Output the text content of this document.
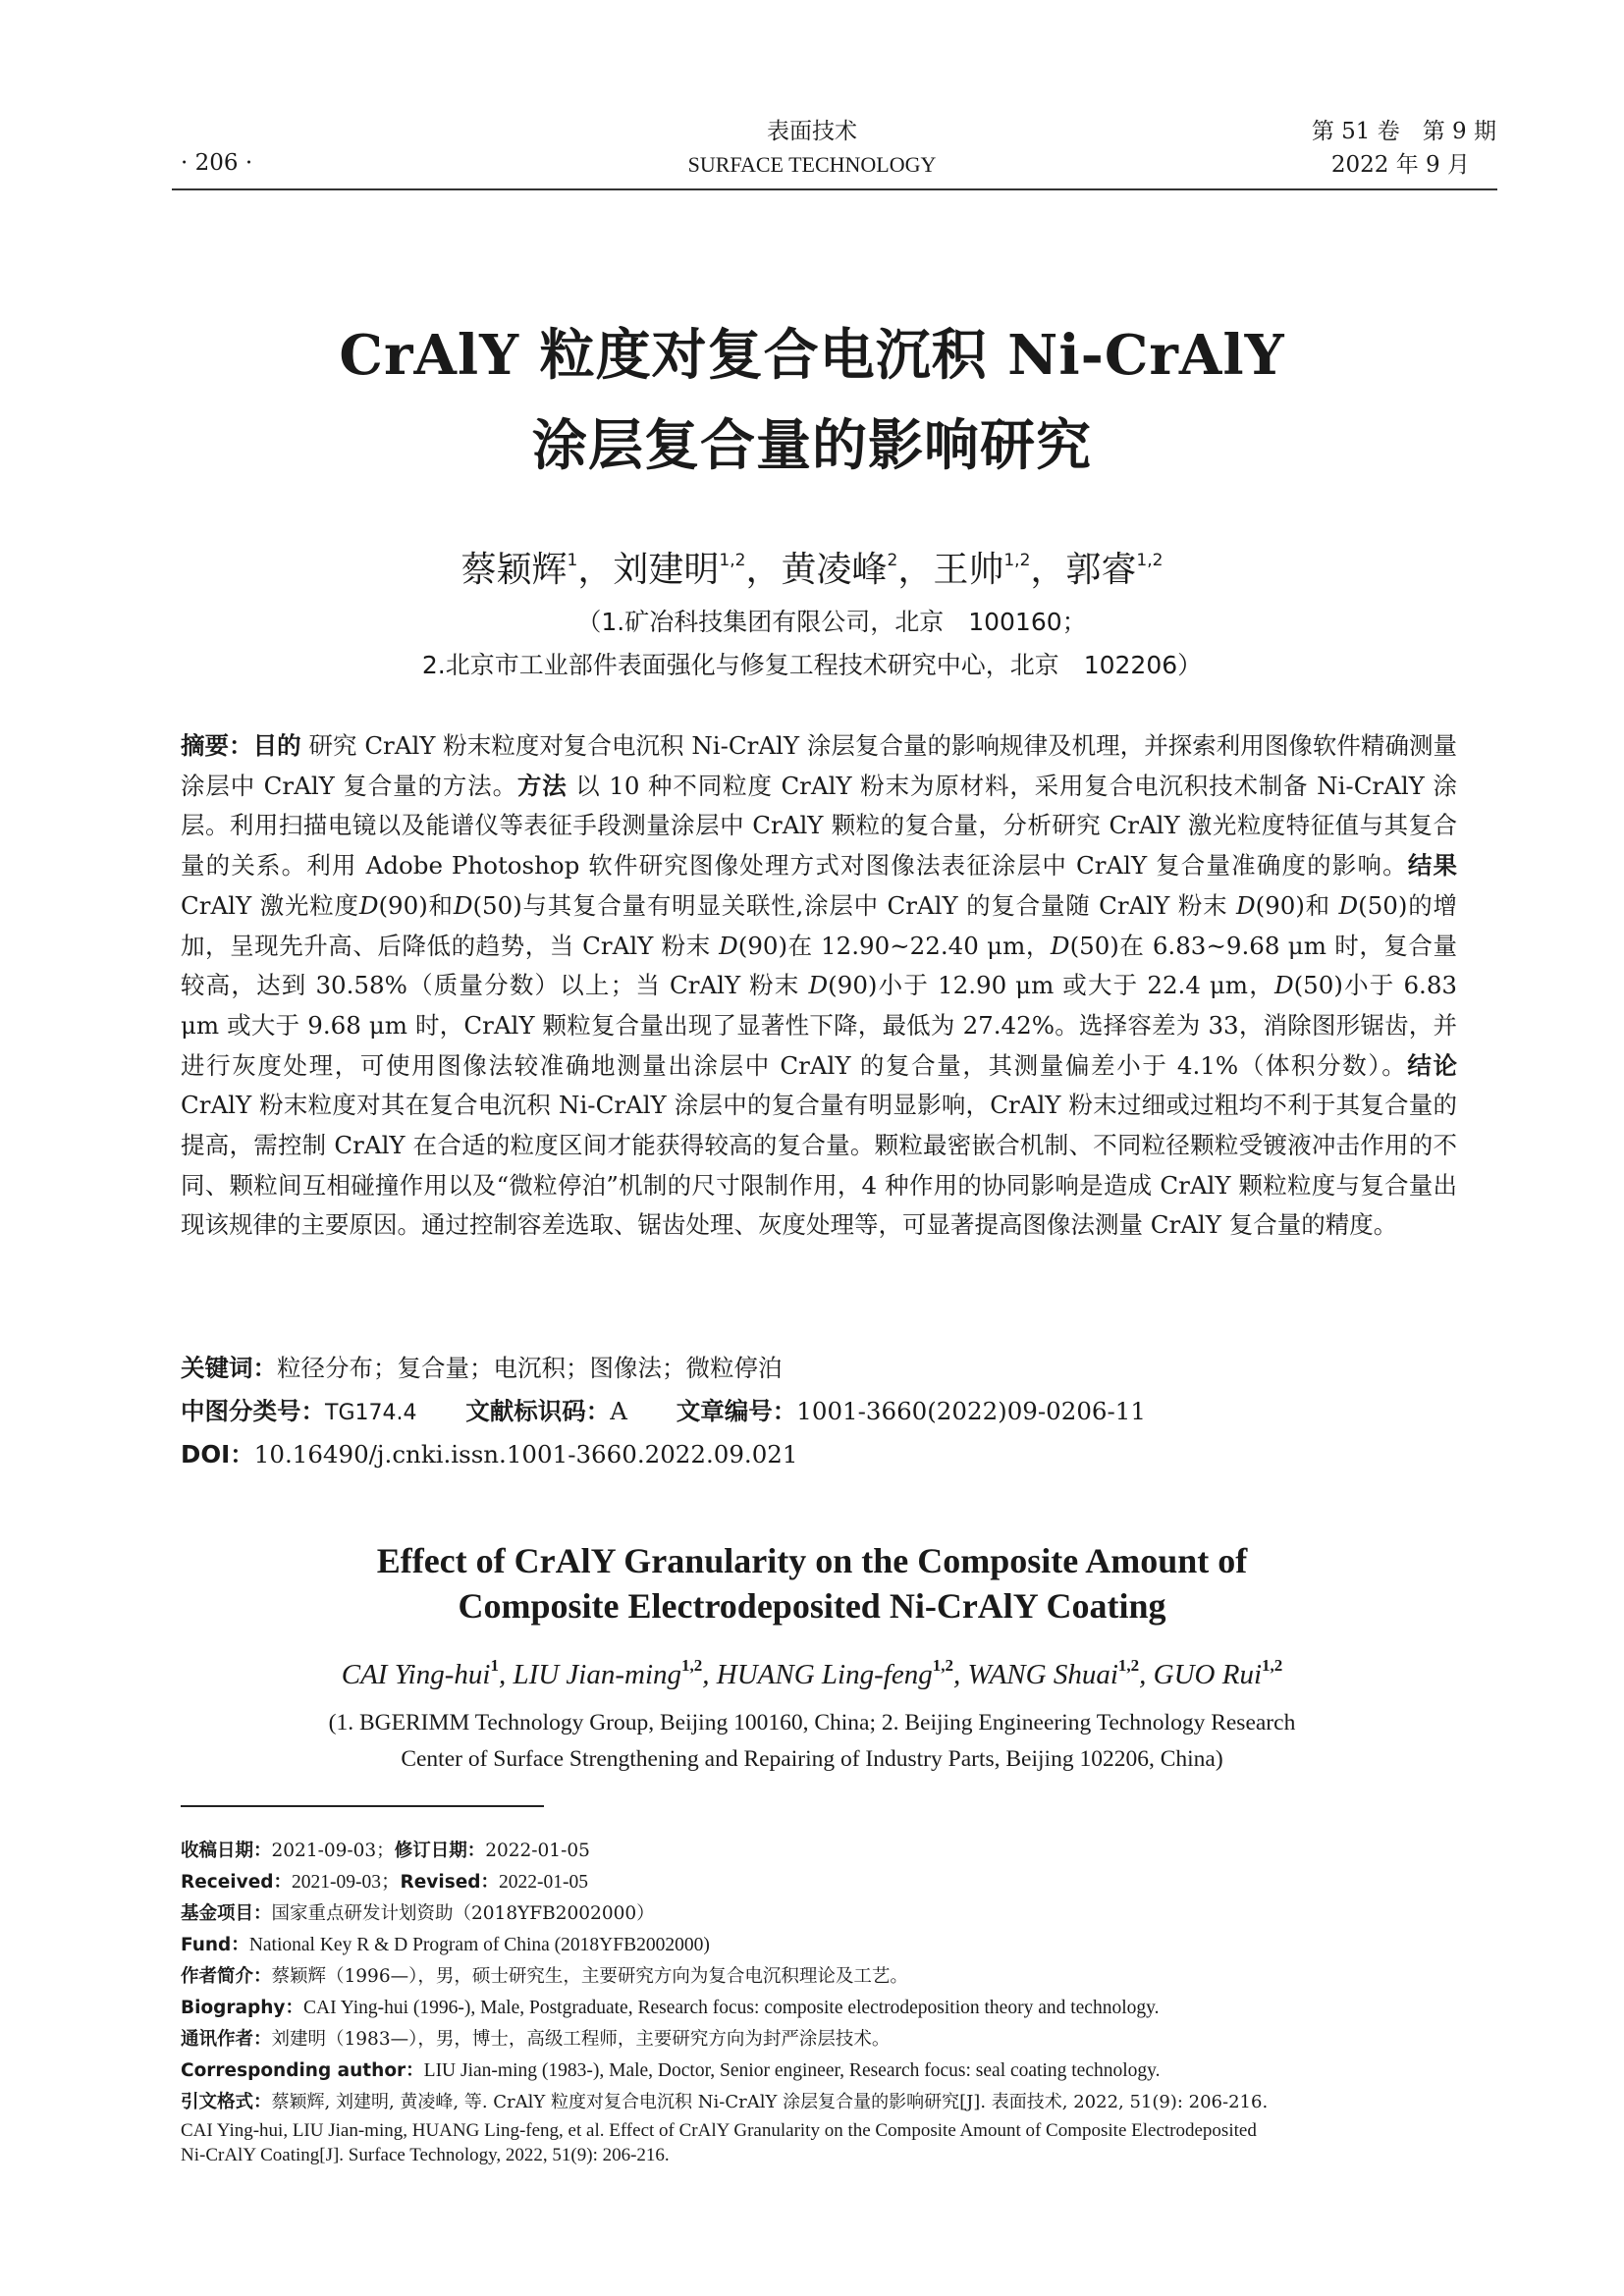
· 206 ·
表面技术
SURFACE TECHNOLOGY
第 51 卷　第 9 期
2022 年 9 月
CrAlY 粒度对复合电沉积 Ni-CrAlY
涂层复合量的影响研究
蔡颖辉$^1$，刘建明$^{1,2}$，黄凌峰$^2$，王帅$^{1,2}$，郭睿$^{1,2}$
（1.矿冶科技集团有限公司，北京　100160；
2.北京市工业部件表面强化与修复工程技术研究中心，北京　102206）
摘要：目的 研究 CrAlY 粉末粒度对复合电沉积 Ni-CrAlY 涂层复合量的影响规律及机理，并探索利用图像软件精确测量涂层中 CrAlY 复合量的方法。方法 以 10 种不同粒度 CrAlY 粉末为原材料，采用复合电沉积技术制备 Ni-CrAlY 涂层。利用扫描电镜以及能谱仪等表征手段测量涂层中 CrAlY 颗粒的复合量，分析研究 CrAlY 激光粒度特征值与其复合量的关系。利用 Adobe Photoshop 软件研究图像处理方式对图像法表征涂层中 CrAlY 复合量准确度的影响。结果 CrAlY 激光粒度D(90)和D(50)与其复合量有明显关联性,涂层中 CrAlY 的复合量随 CrAlY 粉末 D(90)和 D(50)的增加，呈现先升高、后降低的趋势，当 CrAlY 粉末 D(90)在 12.90~22.40 μm，D(50)在 6.83~9.68 μm 时，复合量较高，达到 30.58%（质量分数）以上；当 CrAlY 粉末 D(90)小于 12.90 μm 或大于 22.4 μm，D(50)小于 6.83 μm 或大于 9.68 μm 时，CrAlY 颗粒复合量出现了显著性下降，最低为 27.42%。选择容差为 33，消除图形锯齿，并进行灰度处理，可使用图像法较准确地测量出涂层中 CrAlY 的复合量，其测量偏差小于 4.1%（体积分数）。结论 CrAlY 粉末粒度对其在复合电沉积 Ni-CrAlY 涂层中的复合量有明显影响，CrAlY 粉末过细或过粗均不利于其复合量的提高，需控制 CrAlY 在合适的粒度区间才能获得较高的复合量。颗粒最密嵌合机制、不同粒径颗粒受镀液冲击作用的不同、颗粒间互相碰撞作用以及“微粒停泊”机制的尺寸限制作用，4 种作用的协同影响是造成 CrAlY 颗粒粒度与复合量出现该规律的主要原因。通过控制容差选取、锯齿处理、灰度处理等，可显著提高图像法测量 CrAlY 复合量的精度。
关键词：粒径分布；复合量；电沉积；图像法；微粒停泊
中图分类号：TG174.4 文献标识码：A 文章编号：1001-3660(2022)09-0206-11
DOI：10.16490/j.cnki.issn.1001-3660.2022.09.021
Effect of CrAlY Granularity on the Composite Amount of
Composite Electrodeposited Ni-CrAlY Coating
CAI Ying-hui$^1$, LIU Jian-ming$^{1,2}$, HUANG Ling-feng$^{1,2}$, WANG Shuai$^{1,2}$, GUO Rui$^{1,2}$
(1. BGERIMM Technology Group, Beijing 100160, China; 2. Beijing Engineering Technology Research
Center of Surface Strengthening and Repairing of Industry Parts, Beijing 102206, China)
收稿日期：2021-09-03；修订日期：2022-01-05
Received：2021-09-03；Revised：2022-01-05
基金项目：国家重点研发计划资助（2018YFB2002000）
Fund：National Key R & D Program of China (2018YFB2002000)
作者简介：蔡颖辉（1996—），男，硕士研究生，主要研究方向为复合电沉积理论及工艺。
Biography：CAI Ying-hui (1996-), Male, Postgraduate, Research focus: composite electrodeposition theory and technology.
通讯作者：刘建明（1983—），男，博士，高级工程师，主要研究方向为封严涂层技术。
Corresponding author：LIU Jian-ming (1983-), Male, Doctor, Senior engineer, Research focus: seal coating technology.
引文格式：蔡颖辉, 刘建明, 黄凌峰, 等. CrAlY 粒度对复合电沉积 Ni-CrAlY 涂层复合量的影响研究[J]. 表面技术, 2022, 51(9): 206-216.
CAI Ying-hui, LIU Jian-ming, HUANG Ling-feng, et al. Effect of CrAlY Granularity on the Composite Amount of Composite Electrodeposited
Ni-CrAlY Coating[J]. Surface Technology, 2022, 51(9): 206-216.
